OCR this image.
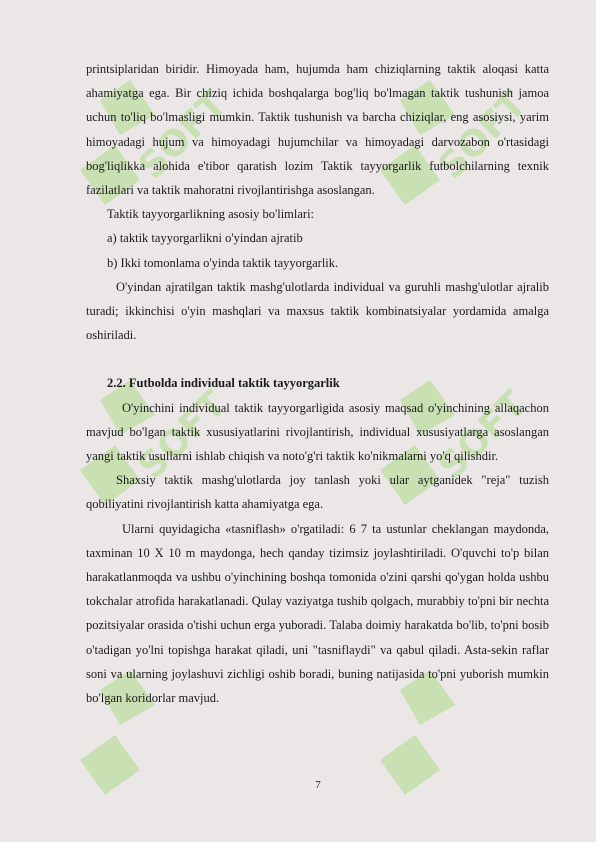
SOFT	SOFT
SOFT	SOFT

printsiplaridan biridir. Himoyada ham, hujumda ham chiziqlarning taktik aloqasi katta ahamiyatga ega. Bir chiziq ichida boshqalarga bog'liq bo'lmagan taktik tushunish jamoa uchun to'liq bo'lmasligi mumkin. Taktik tushunish va barcha chiziqlar, eng asosiysi, yarim himoyadagi hujum va himoyadagi hujumchilar va himoyadagi darvozabon o'rtasidagi bog'liqlikka alohida e'tibor qaratish lozim Taktik tayyorgarlik futbolchilarning texnik fazilatlari va taktik mahoratni rivojlantirishga asoslangan.

Taktik tayyorgarlikning asosiy bo'limlari:

a) taktik tayyorgarlikni o'yindan ajratib

b) Ikki tomonlama o'yinda taktik tayyorgarlik.

O'yindan ajratilgan taktik mashg'ulotlarda individual va guruhli mashg'ulotlar ajralib turadi; ikkinchisi o'yin mashqlari va maxsus taktik kombinatsiyalar yordamida amalga oshiriladi.

2.2. Futbolda individual taktik tayyorgarlik

O'yinchini individual taktik tayyorgarligida asosiy maqsad o'yinchining allaqachon mavjud bo'lgan taktik xususiyatlarini rivojlantirish, individual xususiyatlarga asoslangan yangi taktik usullarni ishlab chiqish va noto'g'ri taktik ko'nikmalarni yo'q qilishdir.

Shaxsiy taktik mashg'ulotlarda joy tanlash yoki ular aytganidek "reja" tuzish qobiliyatini rivojlantirish katta ahamiyatga ega.

Ularni quyidagicha «tasniflash» o'rgatiladi: 6 7 ta ustunlar cheklangan maydonda, taxminan 10 X 10 m maydonga, hech qanday tizimsiz joylashtiriladi. O'quvchi to'p bilan harakatlanmoqda va ushbu o'yinchining boshqa tomonida o'zini qarshi qo'ygan holda ushbu tokchalar atrofida harakatlanadi. Qulay vaziyatga tushib qolgach, murabbiy to'pni bir nechta pozitsiyalar orasida o'tishi uchun erga yuboradi. Talaba doimiy harakatda bo'lib, to'pni bosib o'tadigan yo'lni topishga harakat qiladi, uni "tasniflaydi" va qabul qiladi. Asta-sekin raflar soni va ularning joylashuvi zichligi oshib boradi, buning natijasida to'pni yuborish mumkin bo'lgan koridorlar mavjud.

7
